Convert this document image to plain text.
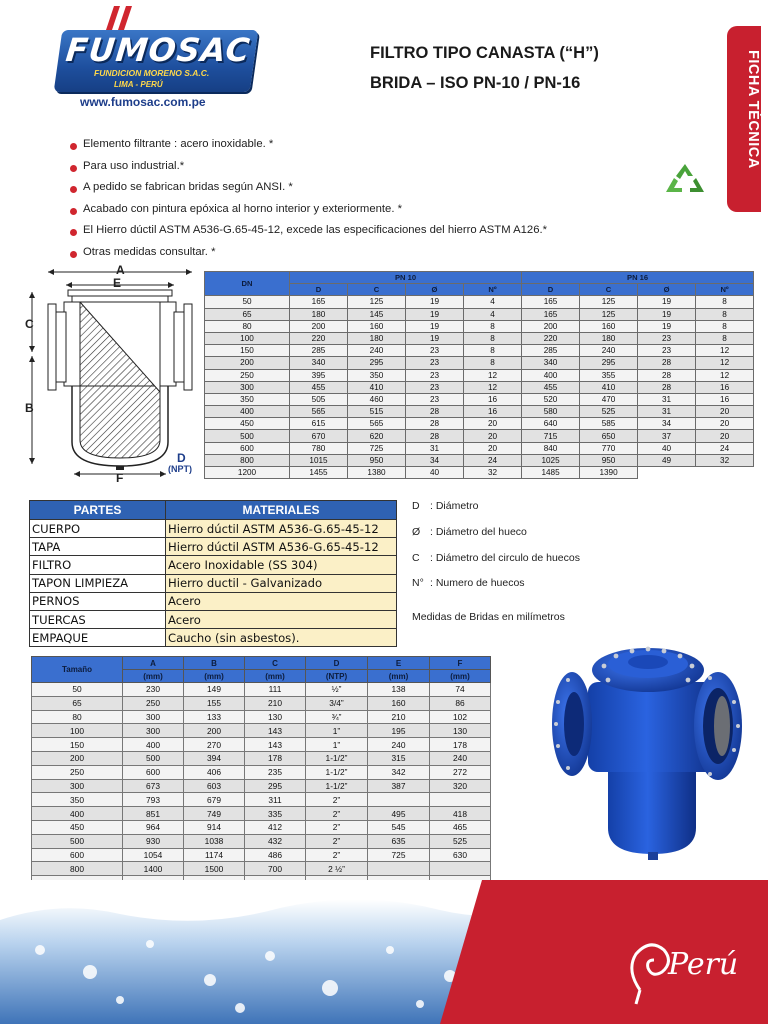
FUMOSAC
FUNDICION MORENO S.A.C.
LIMA - PERÚ
www.fumosac.com.pe
FILTRO TIPO CANASTA (“H”)
BRIDA – ISO PN-10 / PN-16	FICHA TÉCNICA
Elemento filtrante : acero inoxidable. *
Para uso industrial.*
A pedido se fabrican bridas según ANSI. *
Acabado con pintura epóxica al horno interior y exteriormente. *
El Hierro dúctil ASTM A536-G.65-45-12, excede las especificaciones del hierro ASTM A126.*
Otras medidas consultar. *
A
E
C
B
D
(NPT)
F
DN	PN 10				PN 16			
	D	C	Ø	Nº	D	C	Ø	Nº
50	165	125	19	4	165	125	19	8
65	180	145	19	4	165	125	19	8
80	200	160	19	8	200	160	19	8
100	220	180	19	8	220	180	23	8
150	285	240	23	8	285	240	23	12
200	340	295	23	8	340	295	28	12
250	395	350	23	12	400	355	28	12
300	455	410	23	12	455	410	28	16
350	505	460	23	16	520	470	31	16
400	565	515	28	16	580	525	31	20
450	615	565	28	20	640	585	34	20
500	670	620	28	20	715	650	37	20
600	780	725	31	20	840	770	40	24
800	1015	950	34	24	1025	950	49	32
1200	1455	1380	40	32	1485	1390		
PARTES	MATERIALES
CUERPO	Hierro dúctil ASTM A536-G.65-45-12
TAPA	Hierro dúctil ASTM A536-G.65-45-12
FILTRO	Acero Inoxidable (SS 304)
TAPON LIMPIEZA	Hierro ductil - Galvanizado
PERNOS	Acero
TUERCAS	Acero
EMPAQUE	Caucho (sin asbestos).
D : Diámetro
Ø : Diámetro del hueco
C : Diámetro del circulo de huecos
N° : Numero de huecos
Medidas de Bridas en milímetros
Tamaño	A	B	C	D	E	F
	(mm)	(mm)	(mm)	(NTP)	(mm)	(mm)
50	230	149	111	½”	138	74
65	250	155	210	3/4”	160	86
80	300	133	130	¾”	210	102
100	300	200	143	1”	195	130
150	400	270	143	1”	240	178
200	500	394	178	1-1/2”	315	240
250	600	406	235	1-1/2”	342	272
300	673	603	295	1-1/2”	387	320
350	793	679	311	2”		
400	851	749	335	2”	495	418
450	964	914	412	2”	545	465
500	930	1038	432	2”	635	525
600	1054	1174	486	2”	725	630
800	1400	1500	700	2 ½”		

Perú
